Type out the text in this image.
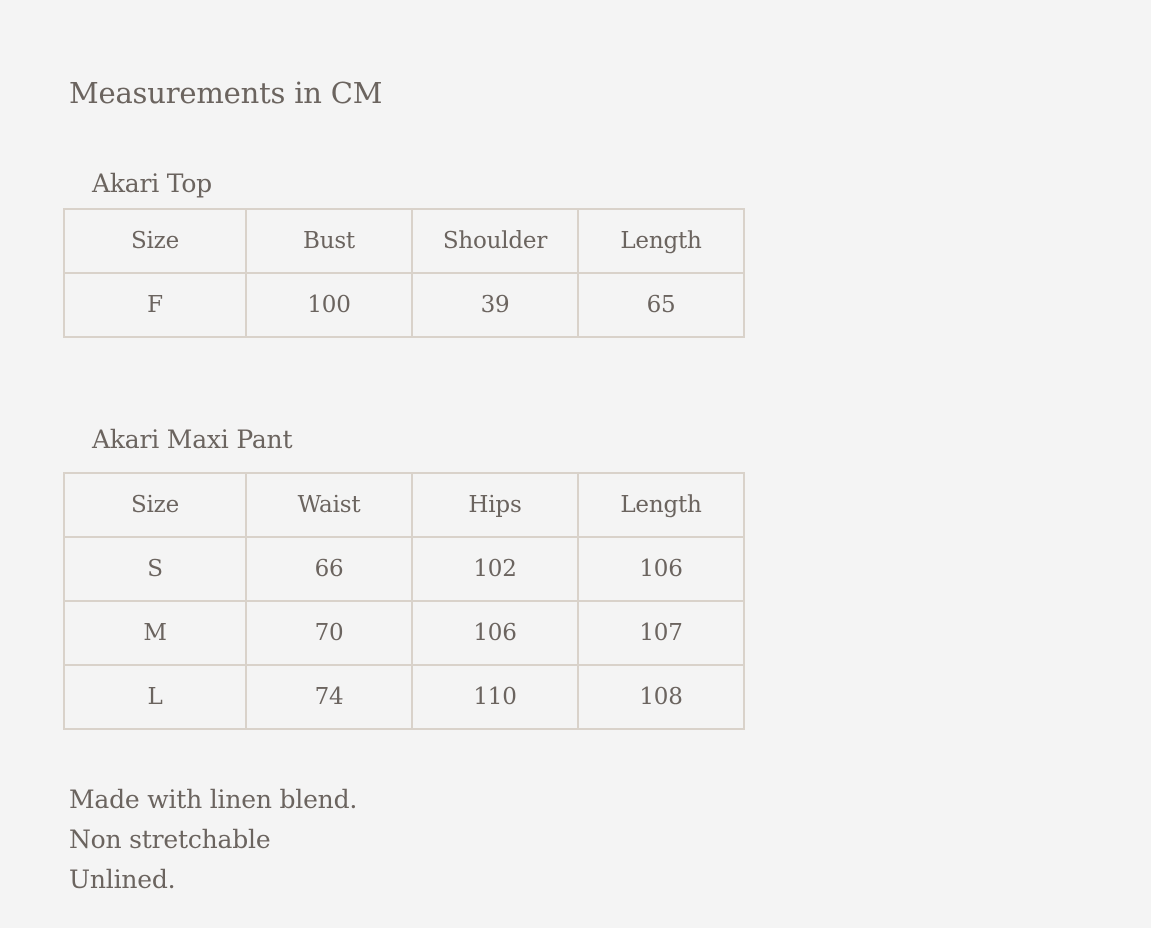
Measurements in CM
Akari Top
Size	Bust	Shoulder	Length
F	100	39	65
Akari Maxi Pant
Size	Waist	Hips	Length
S	66	102	106
M	70	106	107
L	74	110	108
Made with linen blend.
Non stretchable
Unlined.
